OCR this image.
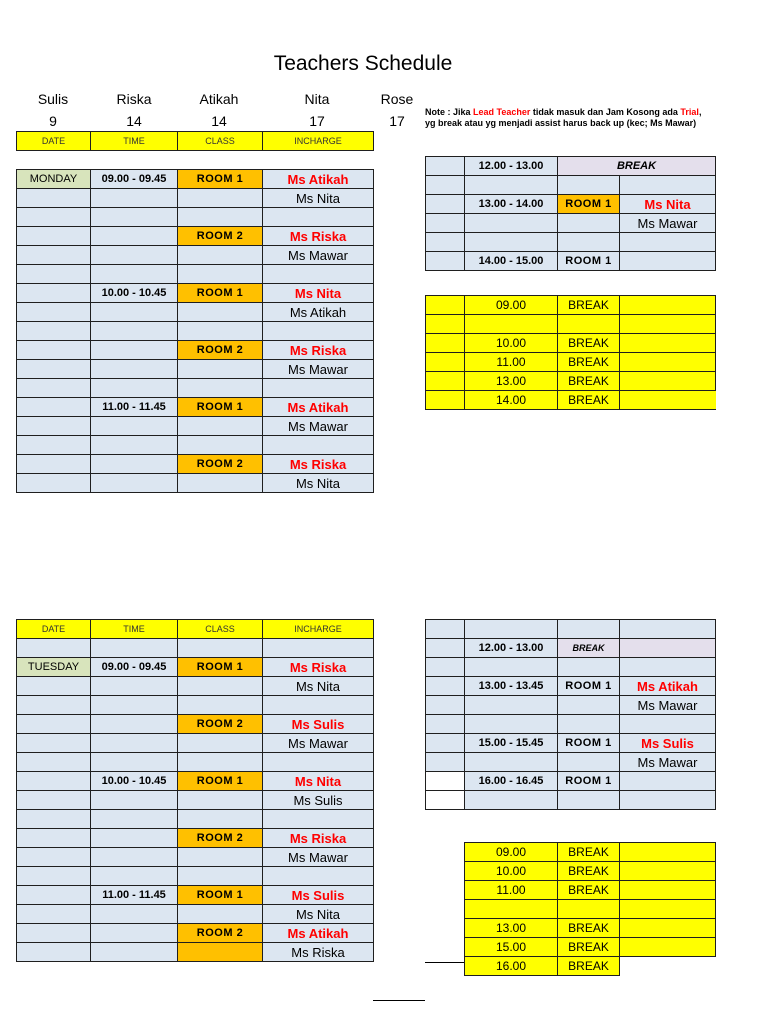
Teachers Schedule
Sulis
9
Riska
14
Atikah
14
Nita
17
Rose
17
Note : Jika Lead Teacher tidak masuk dan Jam Kosong ada Trial,
yg break atau yg menjadi assist harus back up (kec; Ms Mawar)
DATE	TIME	CLASS	INCHARGE

MONDAY	09.00 - 09.45	ROOM 1	Ms Atikah
			Ms Nita

		ROOM 2	Ms Riska
			Ms Mawar

	10.00 - 10.45	ROOM 1	Ms Nita
			Ms Atikah

		ROOM 2	Ms Riska
			Ms Mawar

	11.00 - 11.45	ROOM 1	Ms Atikah
			Ms Mawar

		ROOM 2	Ms Riska
			Ms Nita
	12.00 - 13.00	BREAK	

	13.00 - 14.00	ROOM 1	Ms Nita
			Ms Mawar

	14.00 - 15.00	ROOM 1	
	09.00	BREAK	

	10.00	BREAK	
	11.00	BREAK	
	13.00	BREAK	
	14.00	BREAK	
DATE	TIME	CLASS	INCHARGE

TUESDAY	09.00 - 09.45	ROOM 1	Ms Riska
			Ms Nita

		ROOM 2	Ms Sulis
			Ms Mawar

	10.00 - 10.45	ROOM 1	Ms Nita
			Ms Sulis

		ROOM 2	Ms Riska
			Ms Mawar

	11.00 - 11.45	ROOM 1	Ms Sulis
			Ms Nita
		ROOM 2	Ms Atikah
			Ms Riska

	12.00 - 13.00	BREAK	

	13.00 - 13.45	ROOM 1	Ms Atikah
			Ms Mawar

	15.00 - 15.45	ROOM 1	Ms Sulis
			Ms Mawar
	16.00 - 16.45	ROOM 1	

09.00	BREAK	
10.00	BREAK	
11.00	BREAK	

13.00	BREAK	
15.00	BREAK	
16.00	BREAK	
